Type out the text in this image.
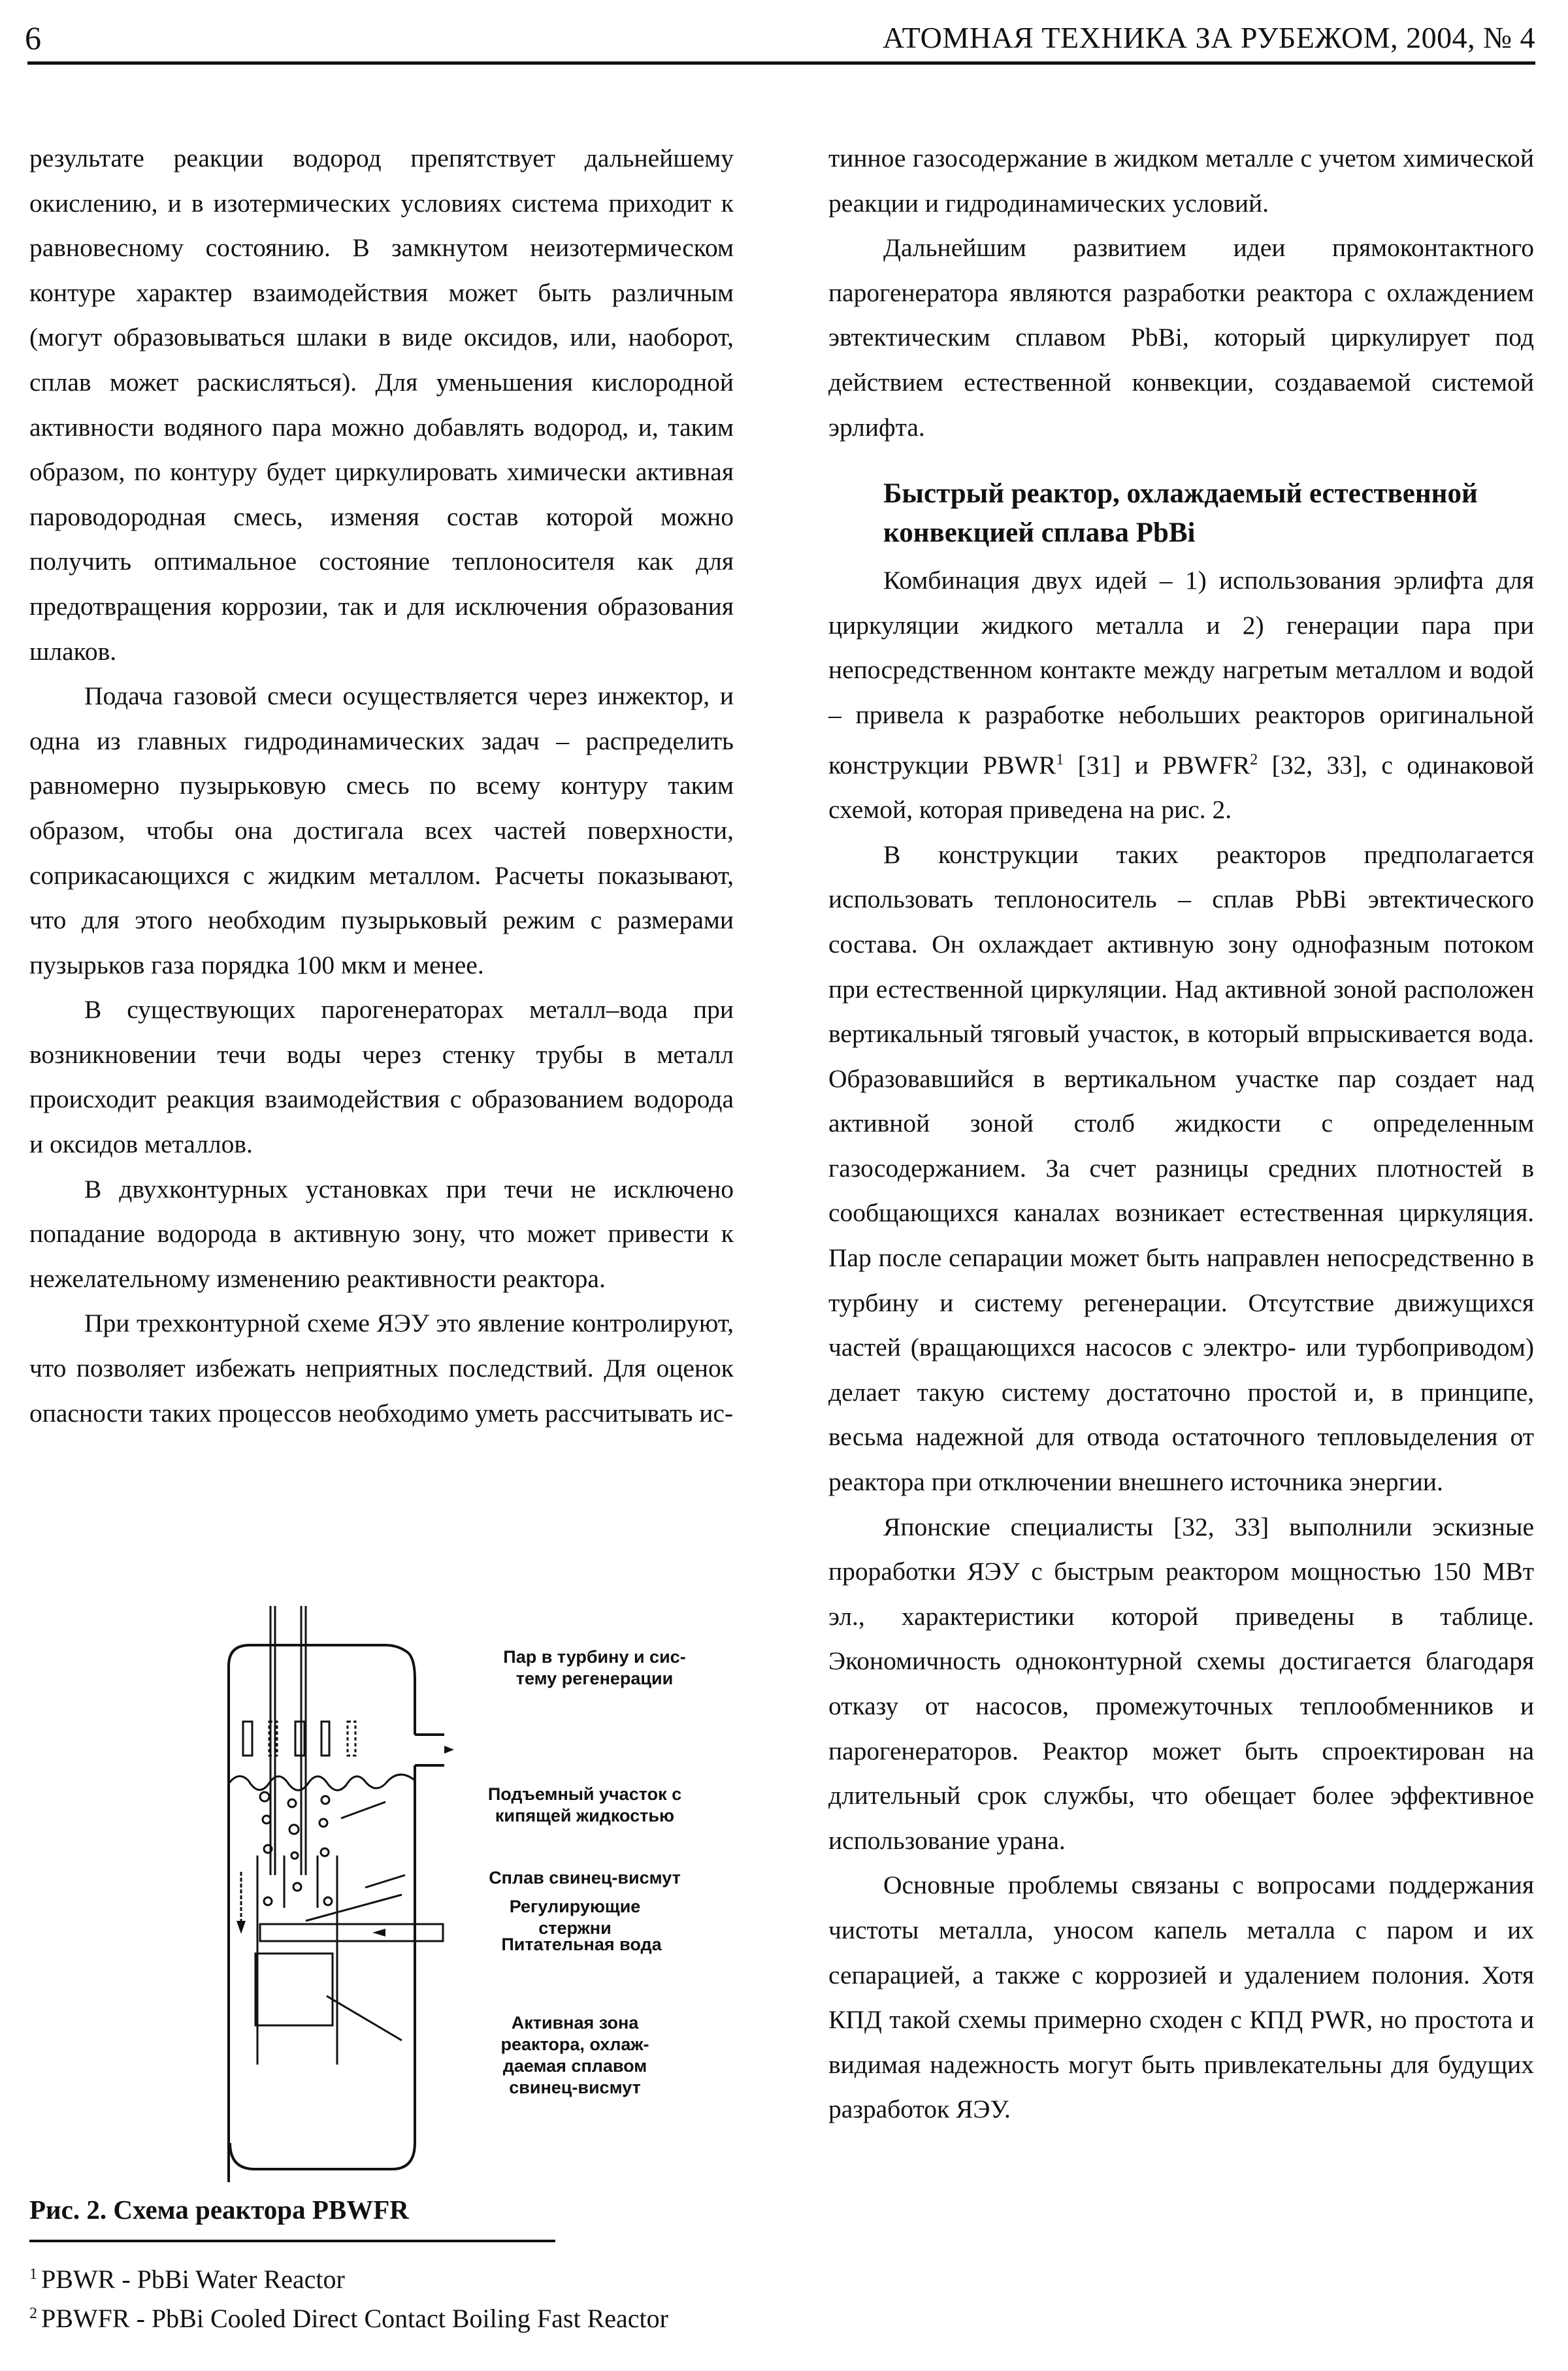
6	АТОМНАЯ ТЕХНИКА ЗА РУБЕЖОМ, 2004, № 4

результате реакции водород препятствует дальнейшему окислению, и в изотермических условиях система приходит к равновесному состоянию. В замкнутом неизотермическом контуре характер взаимодействия может быть различным (могут образовываться шлаки в виде оксидов, или, наоборот, сплав может раскисляться). Для уменьшения кислородной активности водяного пара можно добавлять водород, и, таким образом, по контуру будет циркулировать химически активная пароводородная смесь, изменяя состав которой можно получить оптимальное состояние теплоносителя как для предотвращения коррозии, так и для исключения образования шлаков.

Подача газовой смеси осуществляется через инжектор, и одна из главных гидродинамических задач – распределить равномерно пузырьковую смесь по всему контуру таким образом, чтобы она достигала всех частей поверхности, соприкасающихся с жидким металлом. Расчеты показывают, что для этого необходим пузырьковый режим с размерами пузырьков газа порядка 100 мкм и менее.

В существующих парогенераторах металл–вода при возникновении течи воды через стенку трубы в металл происходит реакция взаимодействия с образованием водорода и оксидов металлов.

В двухконтурных установках при течи не исключено попадание водорода в активную зону, что может привести к нежелательному изменению реактивности реактора.

При трехконтурной схеме ЯЭУ это явление контролируют, что позволяет избежать неприятных последствий. Для оценок опасности таких процессов необходимо уметь рассчитывать ис-

Пар в турбину и сис-
тему регенерации
Подъемный участок с
кипящей жидкостью
Сплав свинец-висмут
Регулирующие
стержни
Питательная вода
Активная зона
реактора, охлаж-
даемая сплавом
свинец-висмут
Рис. 2. Схема реактора PBWFR
$^1$ PBWR - PbBi Water Reactor
$^2$ PBWFR - PbBi Cooled Direct Contact Boiling Fast Reactor

тинное газосодержание в жидком металле с учетом химической реакции и гидродинамических условий.

Дальнейшим развитием идеи прямоконтактного парогенератора являются разработки реактора с охлаждением эвтектическим сплавом PbBi, который циркулирует под действием естественной конвекции, создаваемой системой эрлифта.

Быстрый реактор, охлаждаемый естественной конвекцией сплава PbBi

Комбинация двух идей – 1) использования эрлифта для циркуляции жидкого металла и 2) генерации пара при непосредственном контакте между нагретым металлом и водой – привела к разработке небольших реакторов оригинальной конструкции PBWR$^1$ [31] и PBWFR$^2$ [32, 33], с одинаковой схемой, которая приведена на рис. 2.

В конструкции таких реакторов предполагается использовать теплоноситель – сплав PbBi эвтектического состава. Он охлаждает активную зону однофазным потоком при естественной циркуляции. Над активной зоной расположен вертикальный тяговый участок, в который впрыскивается вода. Образовавшийся в вертикальном участке пар создает над активной зоной столб жидкости с определенным газосодержанием. За счет разницы средних плотностей в сообщающихся каналах возникает естественная циркуляция. Пар после сепарации может быть направлен непосредственно в турбину и систему регенерации. Отсутствие движущихся частей (вращающихся насосов с электро- или турбоприводом) делает такую систему достаточно простой и, в принципе, весьма надежной для отвода остаточного тепловыделения от реактора при отключении внешнего источника энергии.

Японские специалисты [32, 33] выполнили эскизные проработки ЯЭУ с быстрым реактором мощностью 150 МВт эл., характеристики которой приведены в таблице. Экономичность одноконтурной схемы достигается благодаря отказу от насосов, промежуточных теплообменников и парогенераторов. Реактор может быть спроектирован на длительный срок службы, что обещает более эффективное использование урана.

Основные проблемы связаны с вопросами поддержания чистоты металла, уносом капель металла с паром и их сепарацией, а также с коррозией и удалением полония. Хотя КПД такой схемы примерно сходен с КПД PWR, но простота и видимая надежность могут быть привлекательны для будущих разработок ЯЭУ.
